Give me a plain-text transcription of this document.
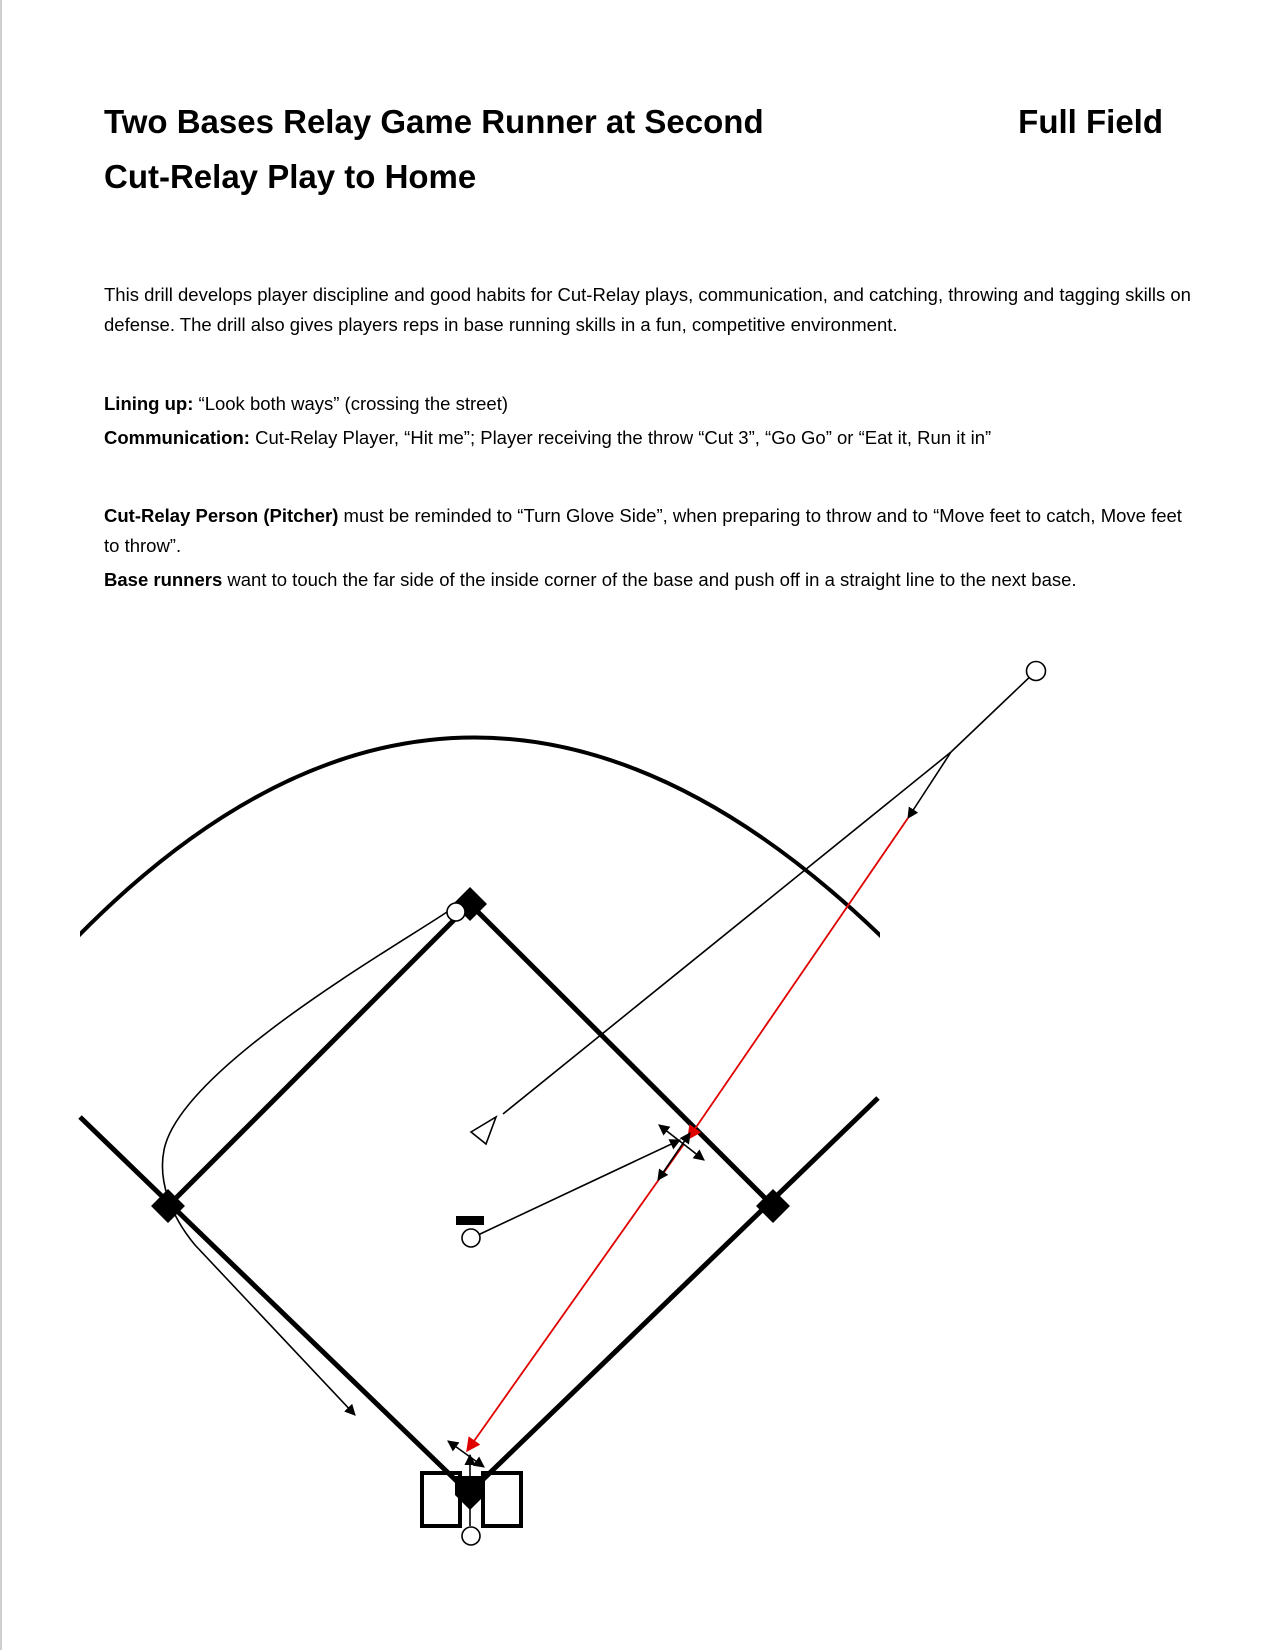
Two Bases Relay Game Runner at Second
Cut-Relay Play to Home
Full Field
This drill develops player discipline and good habits for Cut-Relay plays, communication, and catching, throwing and tagging skills on defense. The drill also gives players reps in base running skills in a fun, competitive environment.
Lining up: “Look both ways” (crossing the street)
Communication: Cut-Relay Player, “Hit me”; Player receiving the throw “Cut 3”, “Go Go” or “Eat it, Run it in”
Cut-Relay Person (Pitcher) must be reminded to “Turn Glove Side”, when preparing to throw and to “Move feet to catch, Move feet to throw”.
Base runners want to touch the far side of the inside corner of the base and push off in a straight line to the next base.
